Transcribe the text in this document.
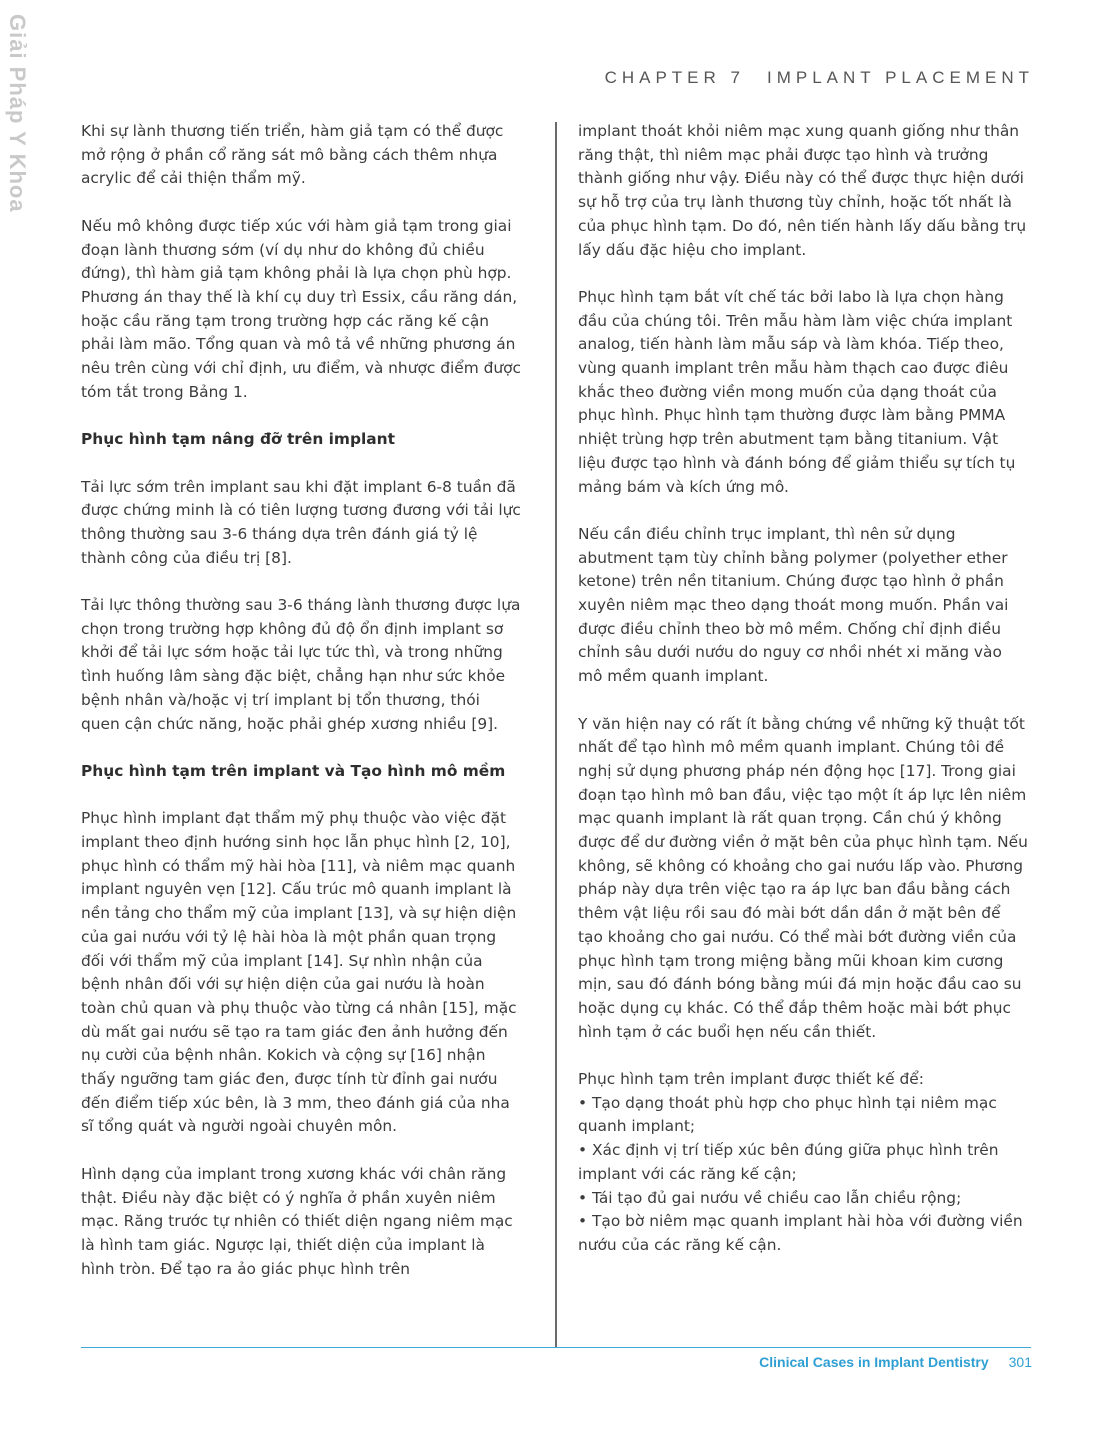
Giải Pháp Y Khoa	CHAPTER 7 IMPLANT PLACEMENT

Khi sự lành thương tiến triển, hàm giả tạm có thể được mở rộng ở phần cổ răng sát mô bằng cách thêm nhựa acrylic để cải thiện thẩm mỹ.

Nếu mô không được tiếp xúc với hàm giả tạm trong giai đoạn lành thương sớm (ví dụ như do không đủ chiều đứng), thì hàm giả tạm không phải là lựa chọn phù hợp. Phương án thay thế là khí cụ duy trì Essix, cầu răng dán, hoặc cầu răng tạm trong trường hợp các răng kế cận phải làm mão. Tổng quan và mô tả về những phương án nêu trên cùng với chỉ định, ưu điểm, và nhược điểm được tóm tắt trong Bảng 1.

Phục hình tạm nâng đỡ trên implant

Tải lực sớm trên implant sau khi đặt implant 6-8 tuần đã được chứng minh là có tiên lượng tương đương với tải lực thông thường sau 3-6 tháng dựa trên đánh giá tỷ lệ thành công của điều trị [8].

Tải lực thông thường sau 3-6 tháng lành thương được lựa chọn trong trường hợp không đủ độ ổn định implant sơ khởi để tải lực sớm hoặc tải lực tức thì, và trong những tình huống lâm sàng đặc biệt, chẳng hạn như sức khỏe bệnh nhân và/hoặc vị trí implant bị tổn thương, thói quen cận chức năng, hoặc phải ghép xương nhiều [9].

Phục hình tạm trên implant và Tạo hình mô mềm

Phục hình implant đạt thẩm mỹ phụ thuộc vào việc đặt implant theo định hướng sinh học lẫn phục hình [2, 10], phục hình có thẩm mỹ hài hòa [11], và niêm mạc quanh implant nguyên vẹn [12]. Cấu trúc mô quanh implant là nền tảng cho thẩm mỹ của implant [13], và sự hiện diện của gai nướu với tỷ lệ hài hòa là một phần quan trọng đối với thẩm mỹ của implant [14]. Sự nhìn nhận của bệnh nhân đối với sự hiện diện của gai nướu là hoàn toàn chủ quan và phụ thuộc vào từng cá nhân [15], mặc dù mất gai nướu sẽ tạo ra tam giác đen ảnh hưởng đến nụ cười của bệnh nhân. Kokich và cộng sự [16] nhận thấy ngưỡng tam giác đen, được tính từ đỉnh gai nướu đến điểm tiếp xúc bên, là 3 mm, theo đánh giá của nha sĩ tổng quát và người ngoài chuyên môn.

Hình dạng của implant trong xương khác với chân răng thật. Điều này đặc biệt có ý nghĩa ở phần xuyên niêm mạc. Răng trước tự nhiên có thiết diện ngang niêm mạc là hình tam giác. Ngược lại, thiết diện của implant là hình tròn. Để tạo ra ảo giác phục hình trên

implant thoát khỏi niêm mạc xung quanh giống như thân răng thật, thì niêm mạc phải được tạo hình và trưởng thành giống như vậy. Điều này có thể được thực hiện dưới sự hỗ trợ của trụ lành thương tùy chỉnh, hoặc tốt nhất là của phục hình tạm. Do đó, nên tiến hành lấy dấu bằng trụ lấy dấu đặc hiệu cho implant.

Phục hình tạm bắt vít chế tác bởi labo là lựa chọn hàng đầu của chúng tôi. Trên mẫu hàm làm việc chứa implant analog, tiến hành làm mẫu sáp và làm khóa. Tiếp theo, vùng quanh implant trên mẫu hàm thạch cao được điêu khắc theo đường viền mong muốn của dạng thoát của phục hình. Phục hình tạm thường được làm bằng PMMA nhiệt trùng hợp trên abutment tạm bằng titanium. Vật liệu được tạo hình và đánh bóng để giảm thiểu sự tích tụ mảng bám và kích ứng mô.

Nếu cần điều chỉnh trục implant, thì nên sử dụng abutment tạm tùy chỉnh bằng polymer (polyether ether ketone) trên nền titanium. Chúng được tạo hình ở phần xuyên niêm mạc theo dạng thoát mong muốn. Phần vai được điều chỉnh theo bờ mô mềm. Chống chỉ định điều chỉnh sâu dưới nướu do nguy cơ nhồi nhét xi măng vào mô mềm quanh implant.

Y văn hiện nay có rất ít bằng chứng về những kỹ thuật tốt nhất để tạo hình mô mềm quanh implant. Chúng tôi đề nghị sử dụng phương pháp nén động học [17]. Trong giai đoạn tạo hình mô ban đầu, việc tạo một ít áp lực lên niêm mạc quanh implant là rất quan trọng. Cần chú ý không được để dư đường viền ở mặt bên của phục hình tạm. Nếu không, sẽ không có khoảng cho gai nướu lấp vào. Phương pháp này dựa trên việc tạo ra áp lực ban đầu bằng cách thêm vật liệu rồi sau đó mài bớt dần dần ở mặt bên để tạo khoảng cho gai nướu. Có thể mài bớt đường viền của phục hình tạm trong miệng bằng mũi khoan kim cương mịn, sau đó đánh bóng bằng múi đá mịn hoặc đầu cao su hoặc dụng cụ khác. Có thể đắp thêm hoặc mài bớt phục hình tạm ở các buổi hẹn nếu cần thiết.

Phục hình tạm trên implant được thiết kế để:
• Tạo dạng thoát phù hợp cho phục hình tại niêm mạc quanh implant;
• Xác định vị trí tiếp xúc bên đúng giữa phục hình trên implant với các răng kế cận;
• Tái tạo đủ gai nướu về chiều cao lẫn chiều rộng;
• Tạo bờ niêm mạc quanh implant hài hòa với đường viền nướu của các răng kế cận.
Clinical Cases in Implant Dentistry 301
